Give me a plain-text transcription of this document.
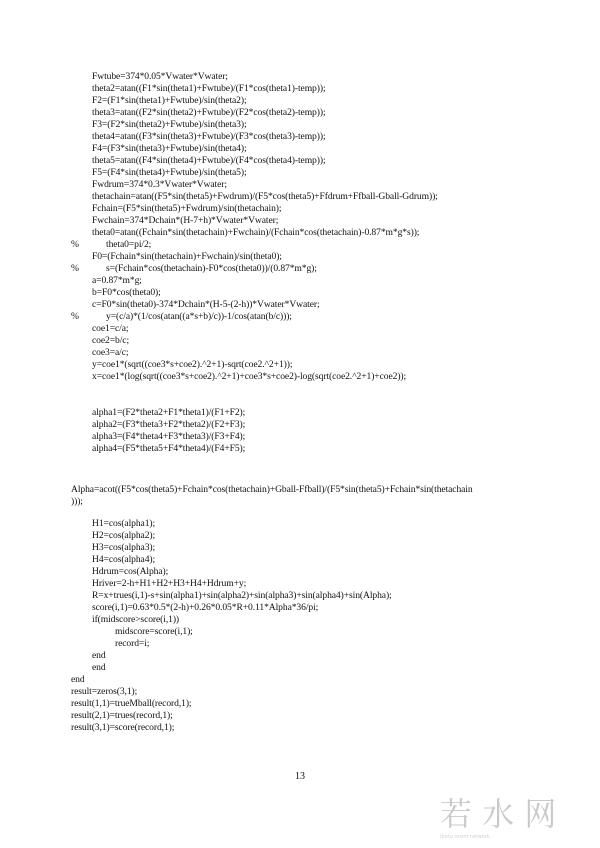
Fwtube=374*0.05*Vwater*Vwater;
theta2=atan((F1*sin(theta1)+Fwtube)/(F1*cos(theta1)-temp));
F2=(F1*sin(theta1)+Fwtube)/sin(theta2);
theta3=atan((F2*sin(theta2)+Fwtube)/(F2*cos(theta2)-temp));
F3=(F2*sin(theta2)+Fwtube)/sin(theta3);
theta4=atan((F3*sin(theta3)+Fwtube)/(F3*cos(theta3)-temp));
F4=(F3*sin(theta3)+Fwtube)/sin(theta4);
theta5=atan((F4*sin(theta4)+Fwtube)/(F4*cos(theta4)-temp));
F5=(F4*sin(theta4)+Fwtube)/sin(theta5);
Fwdrum=374*0.3*Vwater*Vwater;
thetachain=atan((F5*sin(theta5)+Fwdrum)/(F5*cos(theta5)+Ffdrum+Ffball-Gball-Gdrum));
Fchain=(F5*sin(theta5)+Fwdrum)/sin(thetachain);
Fwchain=374*Dchain*(H-7+h)*Vwater*Vwater;
theta0=atan((Fchain*sin(thetachain)+Fwchain)/(Fchain*cos(thetachain)-0.87*m*g*s));
theta0=pi/2;
%
F0=(Fchain*sin(thetachain)+Fwchain)/sin(theta0);
s=(Fchain*cos(thetachain)-F0*cos(theta0))/(0.87*m*g);
%
a=0.87*m*g;
b=F0*cos(theta0);
c=F0*sin(theta0)-374*Dchain*(H-5-(2-h))*Vwater*Vwater;
y=(c/a)*(1/cos(atan((a*s+b)/c))-1/cos(atan(b/c)));
%
coe1=c/a;
coe2=b/c;
coe3=a/c;
y=coe1*(sqrt((coe3*s+coe2).^2+1)-sqrt(coe2.^2+1));
x=coe1*(log(sqrt((coe3*s+coe2).^2+1)+coe3*s+coe2)-log(sqrt(coe2.^2+1)+coe2));
alpha1=(F2*theta2+F1*theta1)/(F1+F2);
alpha2=(F3*theta3+F2*theta2)/(F2+F3);
alpha3=(F4*theta4+F3*theta3)/(F3+F4);
alpha4=(F5*theta5+F4*theta4)/(F4+F5);
Alpha=acot((F5*cos(theta5)+Fchain*cos(thetachain)+Gball-Ffball)/(F5*sin(theta5)+Fchain*sin(thetachain
)));
H1=cos(alpha1);
H2=cos(alpha2);
H3=cos(alpha3);
H4=cos(alpha4);
Hdrum=cos(Alpha);
Hriver=2-h+H1+H2+H3+H4+Hdrum+y;
R=x+trues(i,1)-s+sin(alpha1)+sin(alpha2)+sin(alpha3)+sin(alpha4)+sin(Alpha);
score(i,1)=0.63*0.5*(2-h)+0.26*0.05*R+0.11*Alpha*36/pi;
if(midscore>score(i,1))
midscore=score(i,1);
record=i;
end
end
end
result=zeros(3,1);
result(1,1)=trueMball(record,1);
result(2,1)=trues(record,1);
result(3,1)=score(record,1);
13
若 水 网
ibotu rosint nelwork
